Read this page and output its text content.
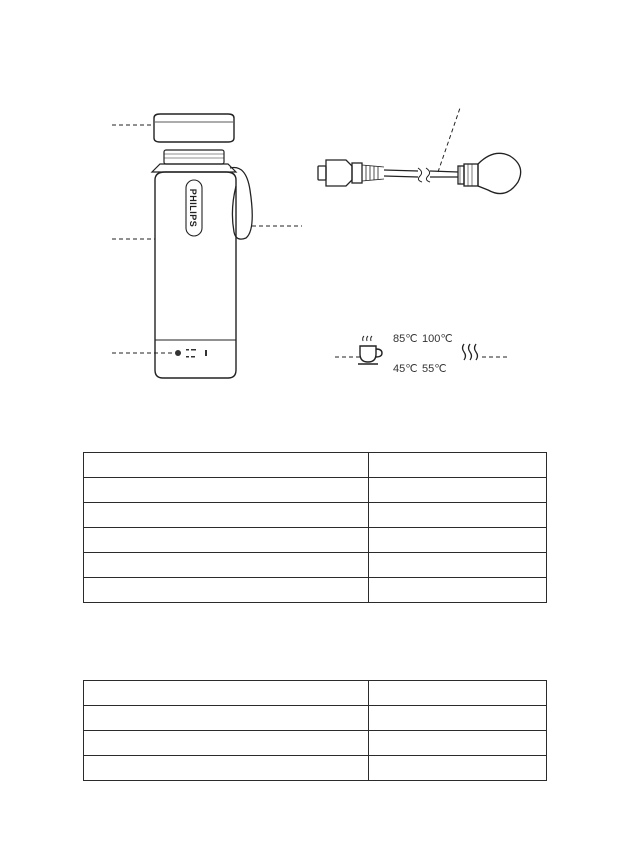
PHILIPS
85℃ 100℃
45℃ 55℃
